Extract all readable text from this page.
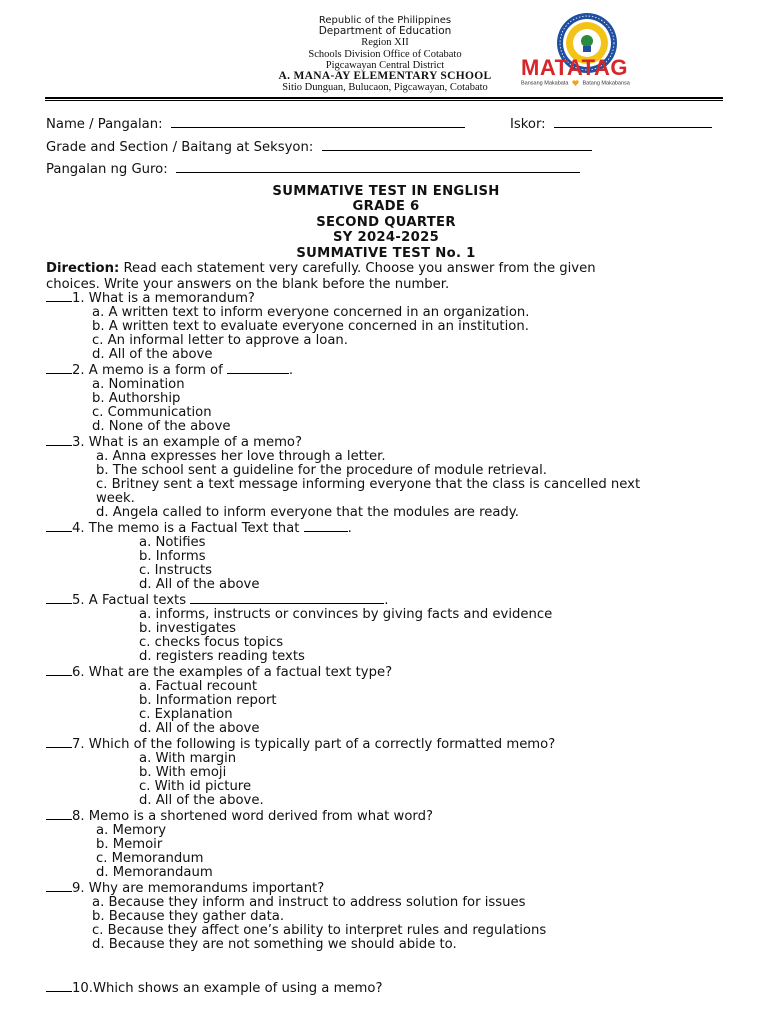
Republic of the Philippines
Department of Education
Region XII
Schools Division Office of Cotabato
Pigcawayan Central District
A. MANA-AY ELEMENTARY SCHOOL
Sitio Dunguan, Bulucaon, Pigcawayan, Cotabato
MATATAG
Bansang Makabata	Batang Makabansa
Name / Pangalan:	Iskor:
Grade and Section / Baitang at Seksyon:
Pangalan ng Guro:
SUMMATIVE TEST IN ENGLISH
GRADE 6
SECOND QUARTER
SY 2024-2025
SUMMATIVE TEST No. 1
Direction: Read each statement very carefully. Choose you answer from the given
choices. Write your answers on the blank before the number.
1. What is a memorandum?
a. A written text to inform everyone concerned in an organization.
b. A written text to evaluate everyone concerned in an institution.
c. An informal letter to approve a loan.
d. All of the above
2. A memo is a form of	.
a. Nomination
b. Authorship
c. Communication
d. None of the above
3. What is an example of a memo?
a. Anna expresses her love through a letter.
b. The school sent a guideline for the procedure of module retrieval.
c. Britney sent a text message informing everyone that the class is cancelled next
week.
d. Angela called to inform everyone that the modules are ready.
4. The memo is a Factual Text that	.
a. Notifies
b. Informs
c. Instructs
d. All of the above
5. A Factual texts	.
a. informs, instructs or convinces by giving facts and evidence
b. investigates
c. checks focus topics
d. registers reading texts
6. What are the examples of a factual text type?
a. Factual recount
b. Information report
c. Explanation
d. All of the above
7. Which of the following is typically part of a correctly formatted memo?
a. With margin
b. With emoji
c. With id picture
d. All of the above.
8. Memo is a shortened word derived from what word?
a. Memory
b. Memoir
c. Memorandum
d. Memorandaum
9. Why are memorandums important?
a. Because they inform and instruct to address solution for issues
b. Because they gather data.
c. Because they affect one’s ability to interpret rules and regulations
d. Because they are not something we should abide to.
10.Which shows an example of using a memo?
